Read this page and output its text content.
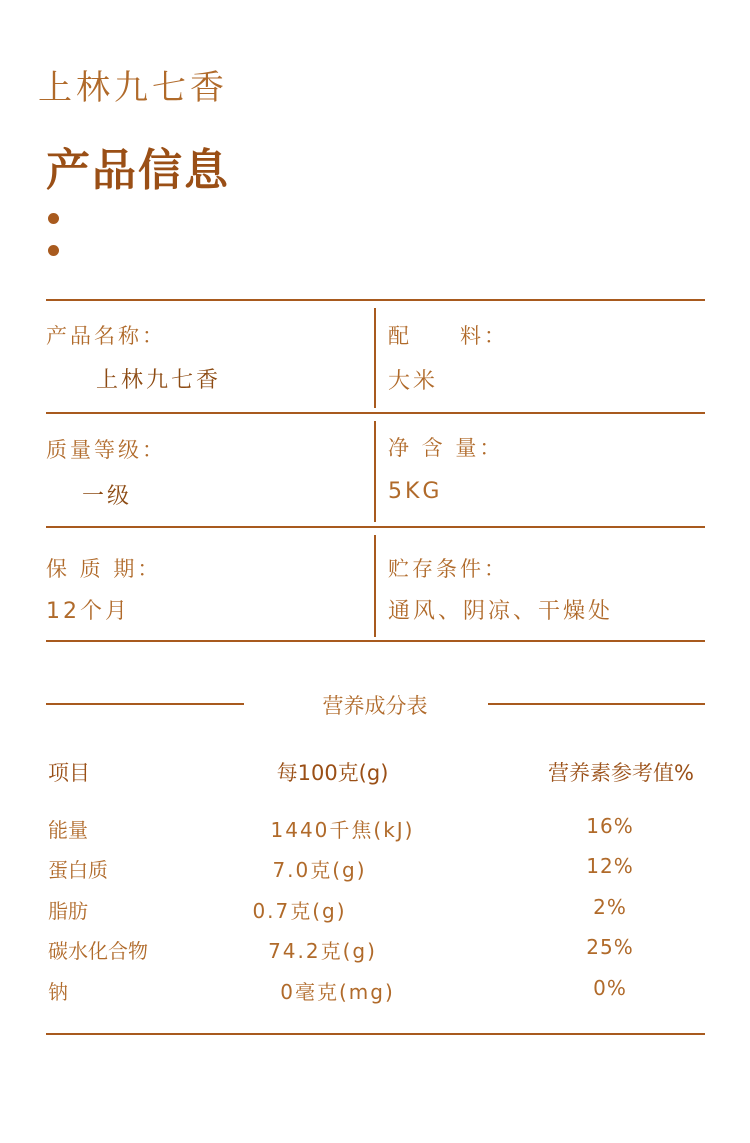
上林九七香
产品信息
产品名称：
上林九七香
配　　料：
大米
质量等级：
一级
净 含 量：
5KG
保 质 期：
12个月
贮存条件：
通风、阴凉、干燥处
营养成分表
项目	每100克(g)	营养素参考值%
能量	1440千焦(kJ)	16%
蛋白质	7.0克(g)	12%
脂肪	0.7克(g)	2%
碳水化合物	74.2克(g)	25%
钠	0毫克(mg)	0%
